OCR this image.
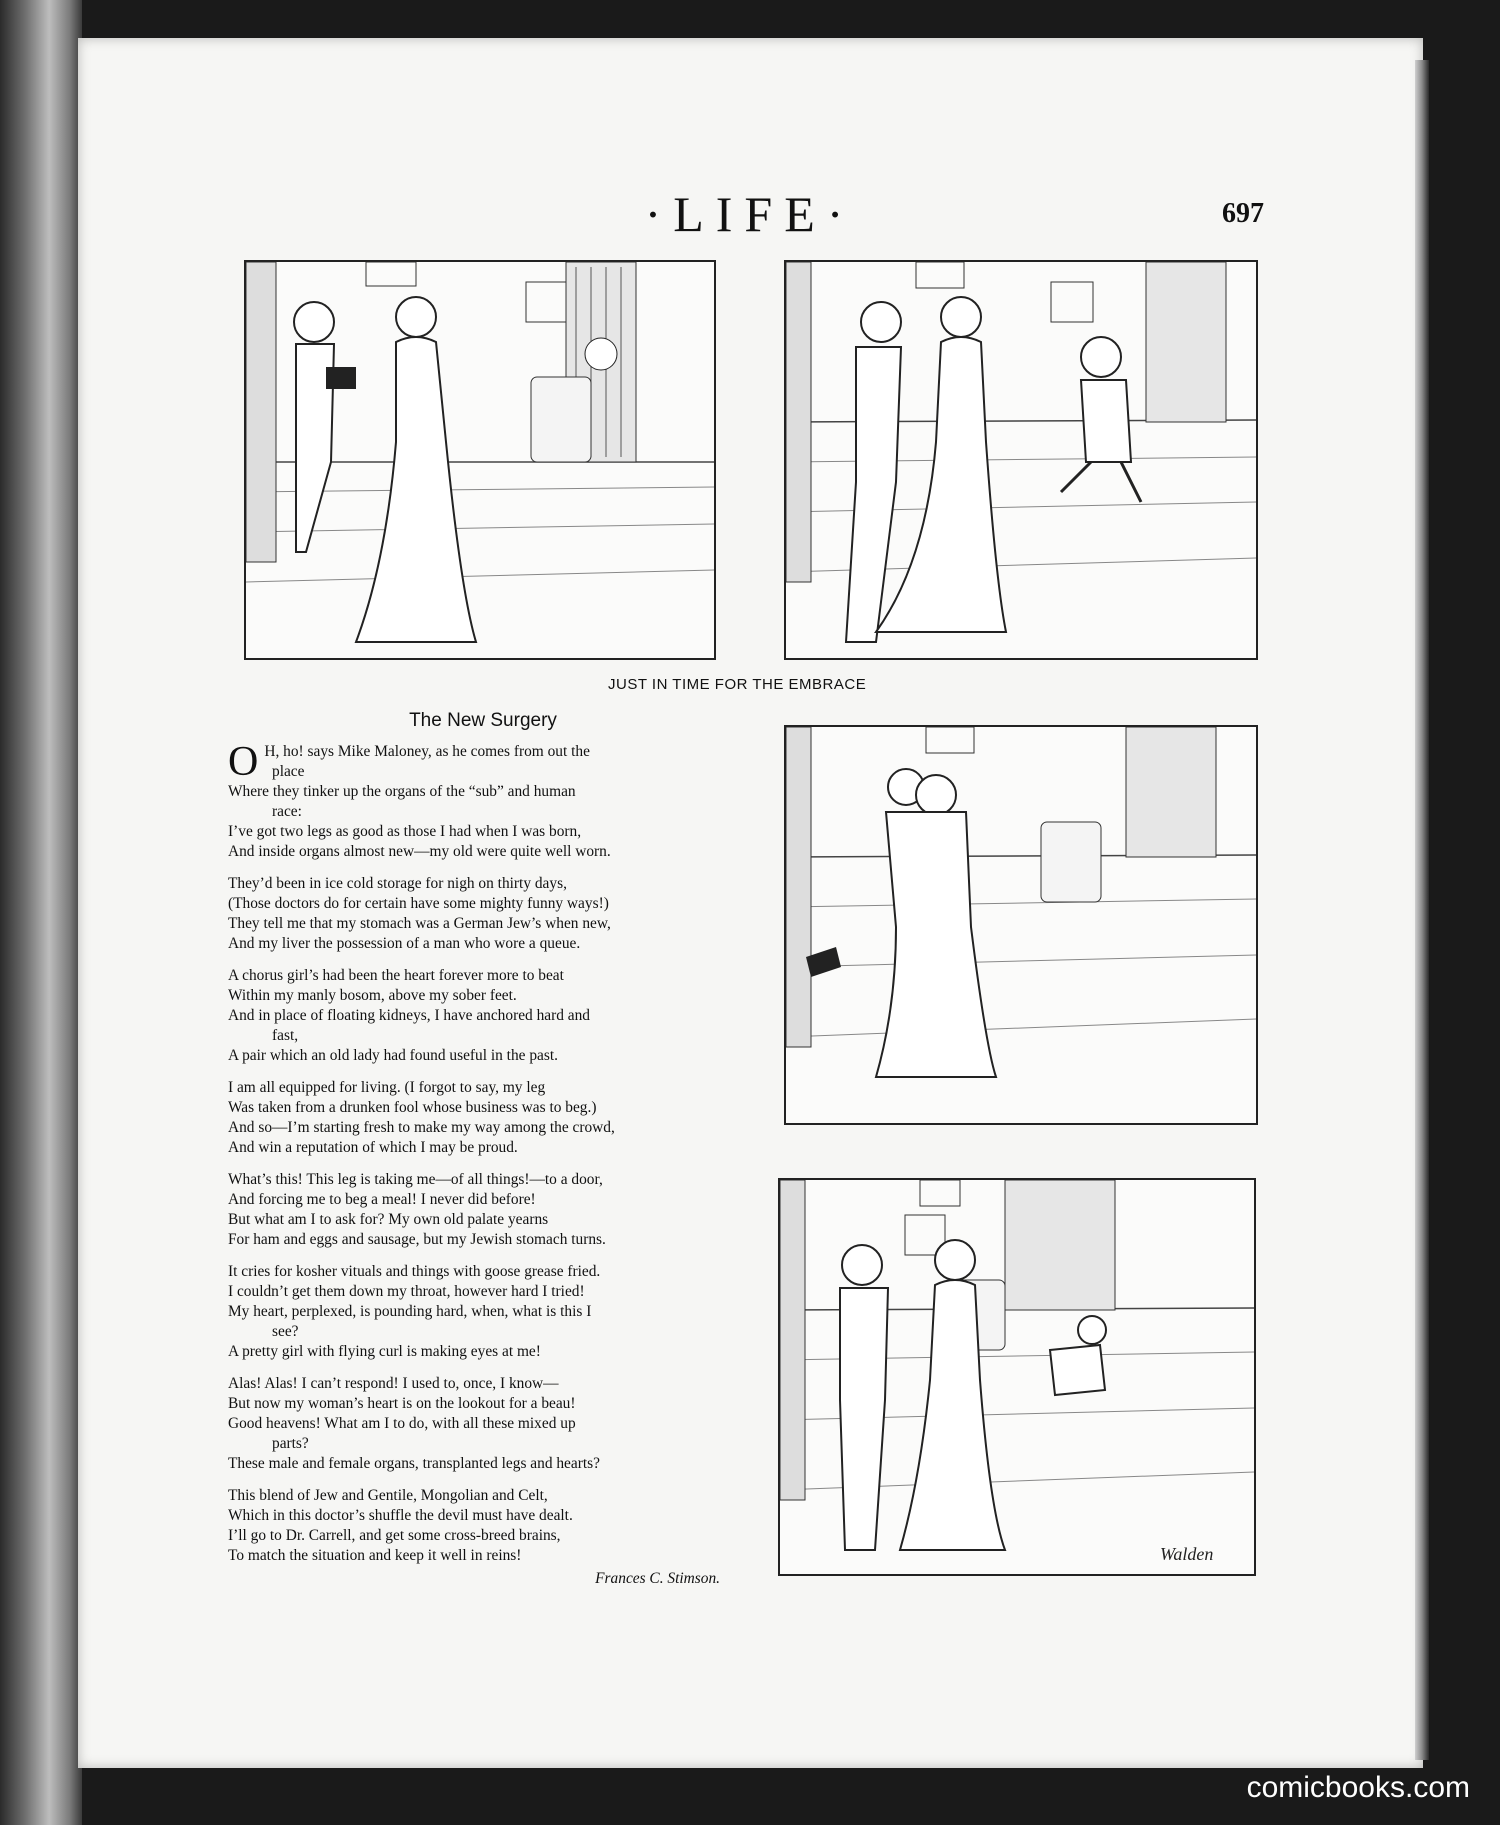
·LIFE·	697
JUST IN TIME FOR THE EMBRACE
Walden
The New Surgery
O H, ho! says Mike Maloney, as he comes from out the
place
Where they tinker up the organs of the “sub” and human
race:
I’ve got two legs as good as those I had when I was born,
And inside organs almost new—my old were quite well worn.
They’d been in ice cold storage for nigh on thirty days,
(Those doctors do for certain have some mighty funny ways!)
They tell me that my stomach was a German Jew’s when new,
And my liver the possession of a man who wore a queue.
A chorus girl’s had been the heart forever more to beat
Within my manly bosom, above my sober feet.
And in place of floating kidneys, I have anchored hard and
fast,
A pair which an old lady had found useful in the past.
I am all equipped for living. (I forgot to say, my leg
Was taken from a drunken fool whose business was to beg.)
And so—I’m starting fresh to make my way among the crowd,
And win a reputation of which I may be proud.
What’s this! This leg is taking me—of all things!—to a door,
And forcing me to beg a meal! I never did before!
But what am I to ask for? My own old palate yearns
For ham and eggs and sausage, but my Jewish stomach turns.
It cries for kosher vituals and things with goose grease fried.
I couldn’t get them down my throat, however hard I tried!
My heart, perplexed, is pounding hard, when, what is this I
see?
A pretty girl with flying curl is making eyes at me!
Alas! Alas! I can’t respond! I used to, once, I know—
But now my woman’s heart is on the lookout for a beau!
Good heavens! What am I to do, with all these mixed up
parts?
These male and female organs, transplanted legs and hearts?
This blend of Jew and Gentile, Mongolian and Celt,
Which in this doctor’s shuffle the devil must have dealt.
I’ll go to Dr. Carrell, and get some cross-breed brains,
To match the situation and keep it well in reins!
Frances C. Stimson.
comicbooks.com
